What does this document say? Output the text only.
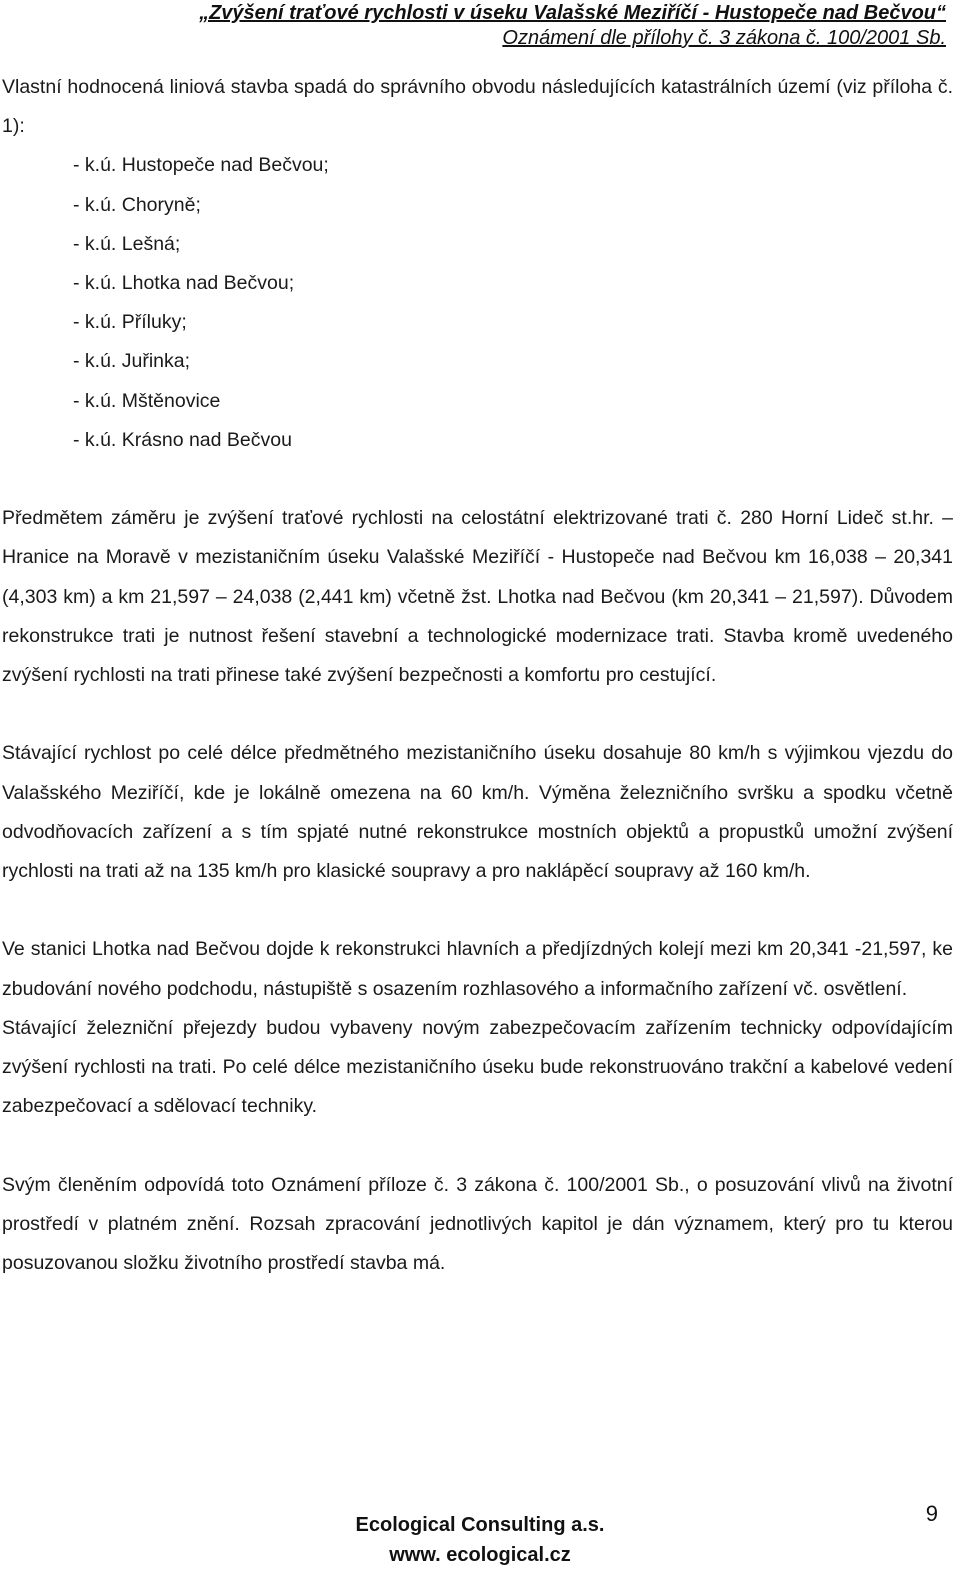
„Zvýšení traťové rychlosti v úseku Valašské Meziříčí - Hustopeče nad Bečvou“
Oznámení dle přílohy č. 3 zákona č. 100/2001 Sb.

Vlastní hodnocená liniová stavba spadá do správního obvodu následujících katastrálních území (viz příloha č. 1):

- k.ú. Hustopeče nad Bečvou;
- k.ú. Choryně;
- k.ú. Lešná;
- k.ú. Lhotka nad Bečvou;
- k.ú. Příluky;
- k.ú. Juřinka;
- k.ú. Mštěnovice
- k.ú. Krásno nad Bečvou

Předmětem záměru je zvýšení traťové rychlosti na celostátní elektrizované trati č. 280 Horní Lideč st.hr. – Hranice na Moravě v mezistaničním úseku Valašské Meziříčí - Hustopeče nad Bečvou km 16,038 – 20,341 (4,303 km) a km 21,597 – 24,038 (2,441 km) včetně žst. Lhotka nad Bečvou (km 20,341 – 21,597). Důvodem rekonstrukce trati je nutnost řešení stavební a technologické modernizace trati. Stavba kromě uvedeného zvýšení rychlosti na trati přinese také zvýšení bezpečnosti a komfortu pro cestující.

Stávající rychlost po celé délce předmětného mezistaničního úseku dosahuje 80 km/h s výjimkou vjezdu do Valašského Meziříčí, kde je lokálně omezena na 60 km/h. Výměna železničního svršku a spodku včetně odvodňovacích zařízení a s tím spjaté nutné rekonstrukce mostních objektů a propustků umožní zvýšení rychlosti na trati až na 135 km/h pro klasické soupravy a pro naklápěcí soupravy až 160 km/h.

Ve stanici Lhotka nad Bečvou dojde k rekonstrukci hlavních a předjízdných kolejí mezi km 20,341 -21,597, ke zbudování nového podchodu, nástupiště s osazením rozhlasového a informačního zařízení vč. osvětlení.

Stávající železniční přejezdy budou vybaveny novým zabezpečovacím zařízením technicky odpovídajícím zvýšení rychlosti na trati. Po celé délce mezistaničního úseku bude rekonstruováno trakční a kabelové vedení zabezpečovací a sdělovací techniky.

Svým členěním odpovídá toto Oznámení příloze č. 3 zákona č. 100/2001 Sb., o posuzování vlivů na životní prostředí v platném znění. Rozsah zpracování jednotlivých kapitol je dán významem, který pro tu kterou posuzovanou složku životního prostředí stavba má.

Ecological Consulting a.s.
www. ecological.cz
9
